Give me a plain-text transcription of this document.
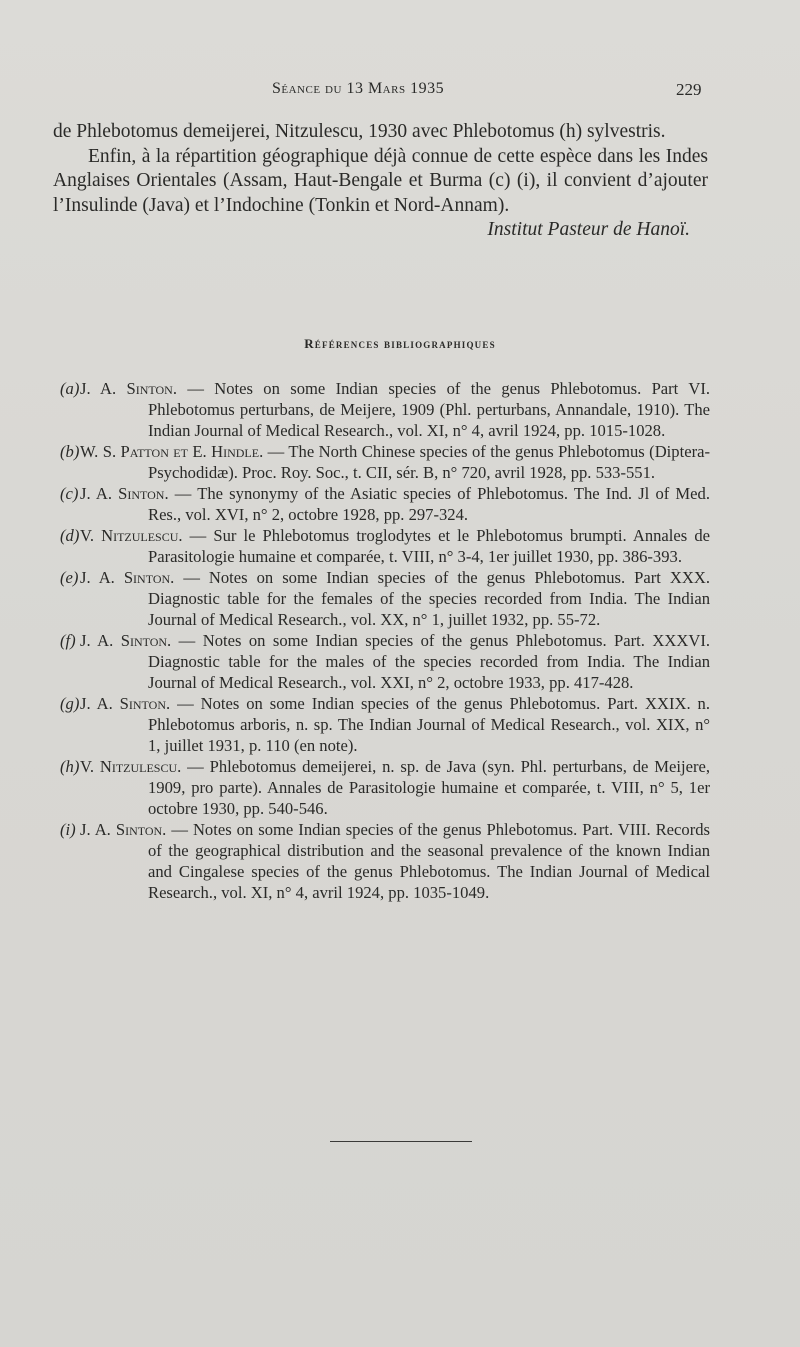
Séance du 13 Mars 1935	229

de Phlebotomus demeijerei, Nitzulescu, 1930 avec Phlebotomus (h) sylvestris.

Enfin, à la répartition géographique déjà connue de cette espèce dans les Indes Anglaises Orientales (Assam, Haut-Bengale et Burma (c) (i), il convient d’ajouter l’Insulinde (Java) et l’Indochine (Tonkin et Nord-Annam).

Institut Pasteur de Hanoï.

Références bibliographiques

(a) J. A. Sinton. — Notes on some Indian species of the genus Phlebotomus. Part VI. Phlebotomus perturbans, de Meijere, 1909 (Phl. perturbans, Annandale, 1910). The Indian Journal of Medical Research., vol. XI, n° 4, avril 1924, pp. 1015-1028.

(b) W. S. Patton et E. Hindle. — The North Chinese species of the genus Phlebotomus (Diptera-Psychodidæ). Proc. Roy. Soc., t. CII, sér. B, n° 720, avril 1928, pp. 533-551.

(c) J. A. Sinton. — The synonymy of the Asiatic species of Phlebotomus. The Ind. Jl of Med. Res., vol. XVI, n° 2, octobre 1928, pp. 297-324.

(d) V. Nitzulescu. — Sur le Phlebotomus troglodytes et le Phlebotomus brumpti. Annales de Parasitologie humaine et comparée, t. VIII, n° 3-4, 1er juillet 1930, pp. 386-393.

(e) J. A. Sinton. — Notes on some Indian species of the genus Phlebotomus. Part XXX. Diagnostic table for the females of the species recorded from India. The Indian Journal of Medical Research., vol. XX, n° 1, juillet 1932, pp. 55-72.

(f) J. A. Sinton. — Notes on some Indian species of the genus Phlebotomus. Part. XXXVI. Diagnostic table for the males of the species recorded from India. The Indian Journal of Medical Research., vol. XXI, n° 2, octobre 1933, pp. 417-428.

(g) J. A. Sinton. — Notes on some Indian species of the genus Phlebotomus. Part. XXIX. n. Phlebotomus arboris, n. sp. The Indian Journal of Medical Research., vol. XIX, n° 1, juillet 1931, p. 110 (en note).

(h) V. Nitzulescu. — Phlebotomus demeijerei, n. sp. de Java (syn. Phl. perturbans, de Meijere, 1909, pro parte). Annales de Parasitologie humaine et comparée, t. VIII, n° 5, 1er octobre 1930, pp. 540-546.

(i) J. A. Sinton. — Notes on some Indian species of the genus Phlebotomus. Part. VIII. Records of the geographical distribution and the seasonal prevalence of the known Indian and Cingalese species of the genus Phlebotomus. The Indian Journal of Medical Research., vol. XI, n° 4, avril 1924, pp. 1035-1049.
